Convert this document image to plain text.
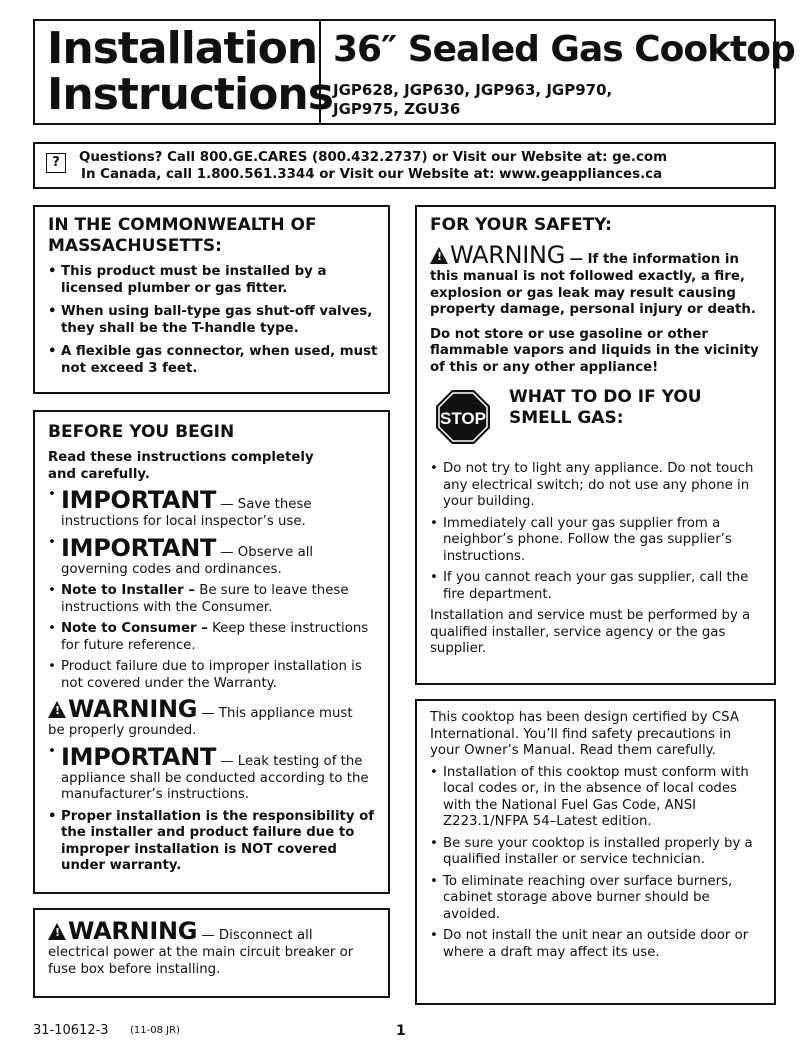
Installation
Instructions
36″ Sealed Gas Cooktop
JGP628, JGP630, JGP963, JGP970,
JGP975, ZGU36
?	Questions? Call 800.GE.CARES (800.432.2737) or Visit our Website at: ge.com
In Canada, call 1.800.561.3344 or Visit our Website at: www.geappliances.ca
IN THE COMMONWEALTH OF
MASSACHUSETTS:
• This product must be installed by a licensed plumber or gas fitter.
• When using ball-type gas shut-off valves, they shall be the T-handle type.
• A flexible gas connector, when used, must not exceed 3 feet.
BEFORE YOU BEGIN
Read these instructions completely
and carefully.
• IMPORTANT — Save these
instructions for local inspector’s use.
• IMPORTANT — Observe all
governing codes and ordinances.
• Note to Installer – Be sure to leave these instructions with the Consumer.
• Note to Consumer – Keep these instructions for future reference.
• Product failure due to improper installation is not covered under the Warranty.
!WARNING — This appliance must
be properly grounded.
• IMPORTANT — Leak testing of the
appliance shall be conducted according to the manufacturer’s instructions.
• Proper installation is the responsibility of the installer and product failure due to improper installation is NOT covered under warranty.
!WARNING — Disconnect all
electrical power at the main circuit breaker or fuse box before installing.
FOR YOUR SAFETY:
!WARNING — If the information in this manual is not followed exactly, a fire, explosion or gas leak may result causing property damage, personal injury or death.
Do not store or use gasoline or other flammable vapors and liquids in the vicinity of this or any other appliance!
STOP
WHAT TO DO IF YOU
SMELL GAS:
• Do not try to light any appliance. Do not touch any electrical switch; do not use any phone in your building.
• Immediately call your gas supplier from a neighbor’s phone. Follow the gas supplier’s instructions.
• If you cannot reach your gas supplier, call the fire department.
Installation and service must be performed by a qualified installer, service agency or the gas supplier.
This cooktop has been design certified by CSA International. You’ll find safety precautions in your Owner’s Manual. Read them carefully.
• Installation of this cooktop must conform with local codes or, in the absence of local codes with the National Fuel Gas Code, ANSI Z223.1/NFPA 54–Latest edition.
• Be sure your cooktop is installed properly by a qualified installer or service technician.
• To eliminate reaching over surface burners, cabinet storage above burner should be avoided.
• Do not install the unit near an outside door or where a draft may affect its use.
31-10612-3 (11-08 JR)	1
